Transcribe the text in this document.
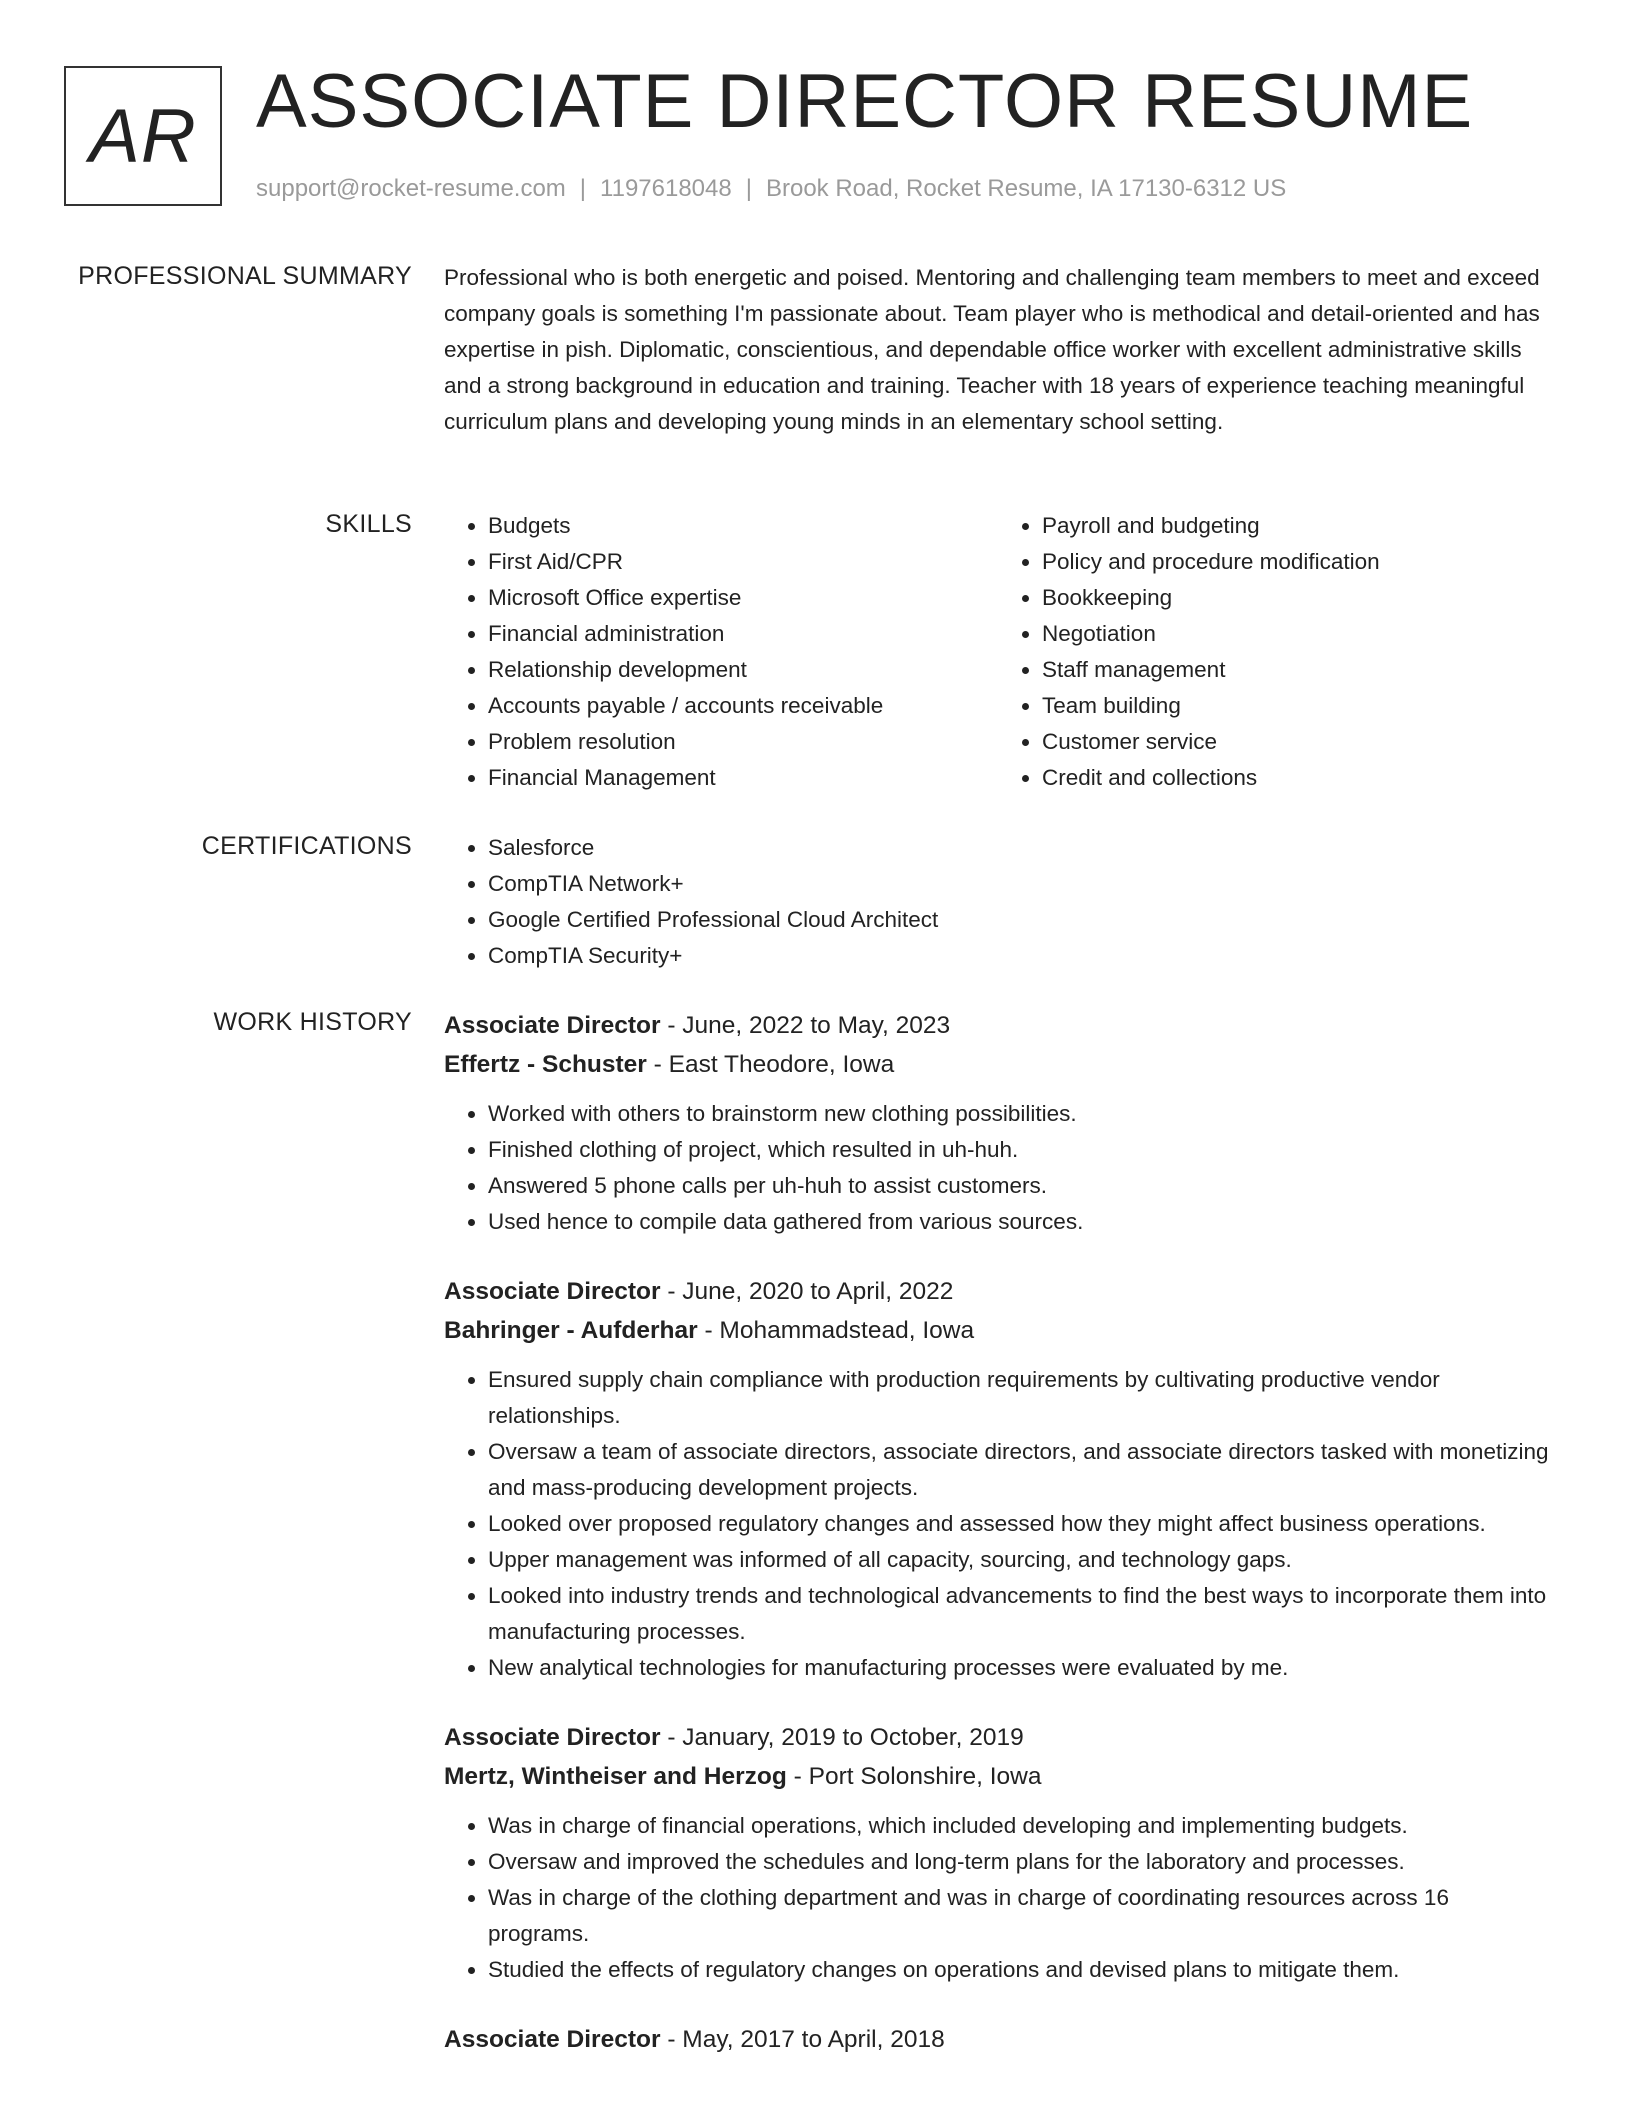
AR ASSOCIATE DIRECTOR RESUME
support@rocket-resume.com | 1197618048 | Brook Road, Rocket Resume, IA 17130-6312 US
PROFESSIONAL SUMMARY Professional who is both energetic and poised. Mentoring and challenging team members to meet and exceed company goals is something I'm passionate about. Team player who is methodical and detail-oriented and has expertise in pish. Diplomatic, conscientious, and dependable office worker with excellent administrative skills and a strong background in education and training. Teacher with 18 years of experience teaching meaningful curriculum plans and developing young minds in an elementary school setting.

SKILLS	• Budgets
• First Aid/CPR
• Microsoft Office expertise
• Financial administration
• Relationship development
• Accounts payable / accounts receivable
• Problem resolution
• Financial Management
• Payroll and budgeting
• Policy and procedure modification
• Bookkeeping
• Negotiation
• Staff management
• Team building
• Customer service
• Credit and collections
CERTIFICATIONS	• Salesforce
• CompTIA Network+
• Google Certified Professional Cloud Architect
• CompTIA Security+
WORK HISTORY Associate Director - June, 2022 to May, 2023
Effertz - Schuster - East Theodore, Iowa
• Worked with others to brainstorm new clothing possibilities.
• Finished clothing of project, which resulted in uh-huh.
• Answered 5 phone calls per uh-huh to assist customers.
• Used hence to compile data gathered from various sources.
Associate Director - June, 2020 to April, 2022
Bahringer - Aufderhar - Mohammadstead, Iowa
• Ensured supply chain compliance with production requirements by cultivating productive vendor relationships.
• Oversaw a team of associate directors, associate directors, and associate directors tasked with monetizing and mass-producing development projects.
• Looked over proposed regulatory changes and assessed how they might affect business operations.
• Upper management was informed of all capacity, sourcing, and technology gaps.
• Looked into industry trends and technological advancements to find the best ways to incorporate them into manufacturing processes.
• New analytical technologies for manufacturing processes were evaluated by me.
Associate Director - January, 2019 to October, 2019
Mertz, Wintheiser and Herzog - Port Solonshire, Iowa
• Was in charge of financial operations, which included developing and implementing budgets.
• Oversaw and improved the schedules and long-term plans for the laboratory and processes.
• Was in charge of the clothing department and was in charge of coordinating resources across 16 programs.
• Studied the effects of regulatory changes on operations and devised plans to mitigate them.
Associate Director - May, 2017 to April, 2018
